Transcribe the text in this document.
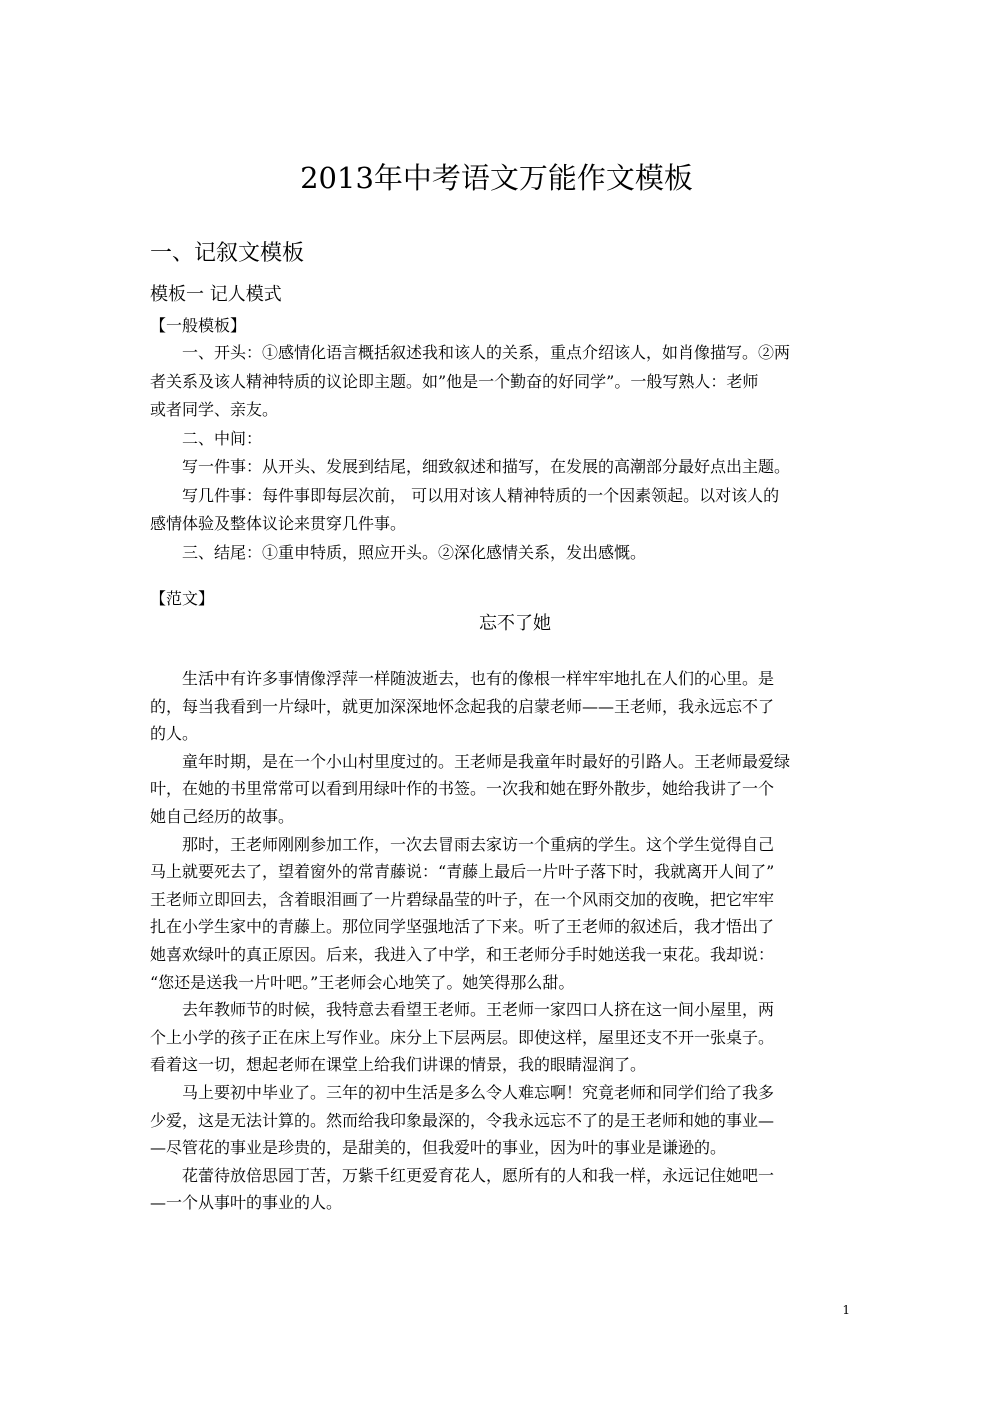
2013年中考语文万能作文模板
一、记叙文模板
模板一 记人模式
【一般模板】

　　一、开头：①感情化语言概括叙述我和该人的关系，重点介绍该人，如肖像描写。②两

者关系及该人精神特质的议论即主题。如”他是一个勤奋的好同学”。一般写熟人：老师

或者同学、亲友。

　　二、中间：

　　写一件事：从开头、发展到结尾，细致叙述和描写，在发展的高潮部分最好点出主题。

　　写几件事：每件事即每层次前， 可以用对该人精神特质的一个因素领起。以对该人的

感情体验及整体议论来贯穿几件事。

　　三、结尾：①重申特质，照应开头。②深化感情关系，发出感慨。

【范文】
忘不了她

　　生活中有许多事情像浮萍一样随波逝去，也有的像根一样牢牢地扎在人们的心里。是

的，每当我看到一片绿叶，就更加深深地怀念起我的启蒙老师——王老师，我永远忘不了

的人。

　　童年时期，是在一个小山村里度过的。王老师是我童年时最好的引路人。王老师最爱绿

叶，在她的书里常常可以看到用绿叶作的书签。一次我和她在野外散步，她给我讲了一个

她自己经历的故事。

　　那时，王老师刚刚参加工作，一次去冒雨去家访一个重病的学生。这个学生觉得自己

马上就要死去了，望着窗外的常青藤说：“青藤上最后一片叶子落下时，我就离开人间了”

王老师立即回去，含着眼泪画了一片碧绿晶莹的叶子，在一个风雨交加的夜晚，把它牢牢

扎在小学生家中的青藤上。那位同学坚强地活了下来。听了王老师的叙述后，我才悟出了

她喜欢绿叶的真正原因。后来，我进入了中学，和王老师分手时她送我一束花。我却说：

“您还是送我一片叶吧。”王老师会心地笑了。她笑得那么甜。

　　去年教师节的时候，我特意去看望王老师。王老师一家四口人挤在这一间小屋里，两

个上小学的孩子正在床上写作业。床分上下层两层。即使这样，屋里还支不开一张桌子。

看着这一切，想起老师在课堂上给我们讲课的情景，我的眼睛湿润了。

　　马上要初中毕业了。三年的初中生活是多么令人难忘啊！究竟老师和同学们给了我多

少爱，这是无法计算的。然而给我印象最深的，令我永远忘不了的是王老师和她的事业—

—尽管花的事业是珍贵的，是甜美的，但我爱叶的事业，因为叶的事业是谦逊的。

　　花蕾待放倍思园丁苦，万紫千红更爱育花人，愿所有的人和我一样，永远记住她吧一

—一个从事叶的事业的人。

1
